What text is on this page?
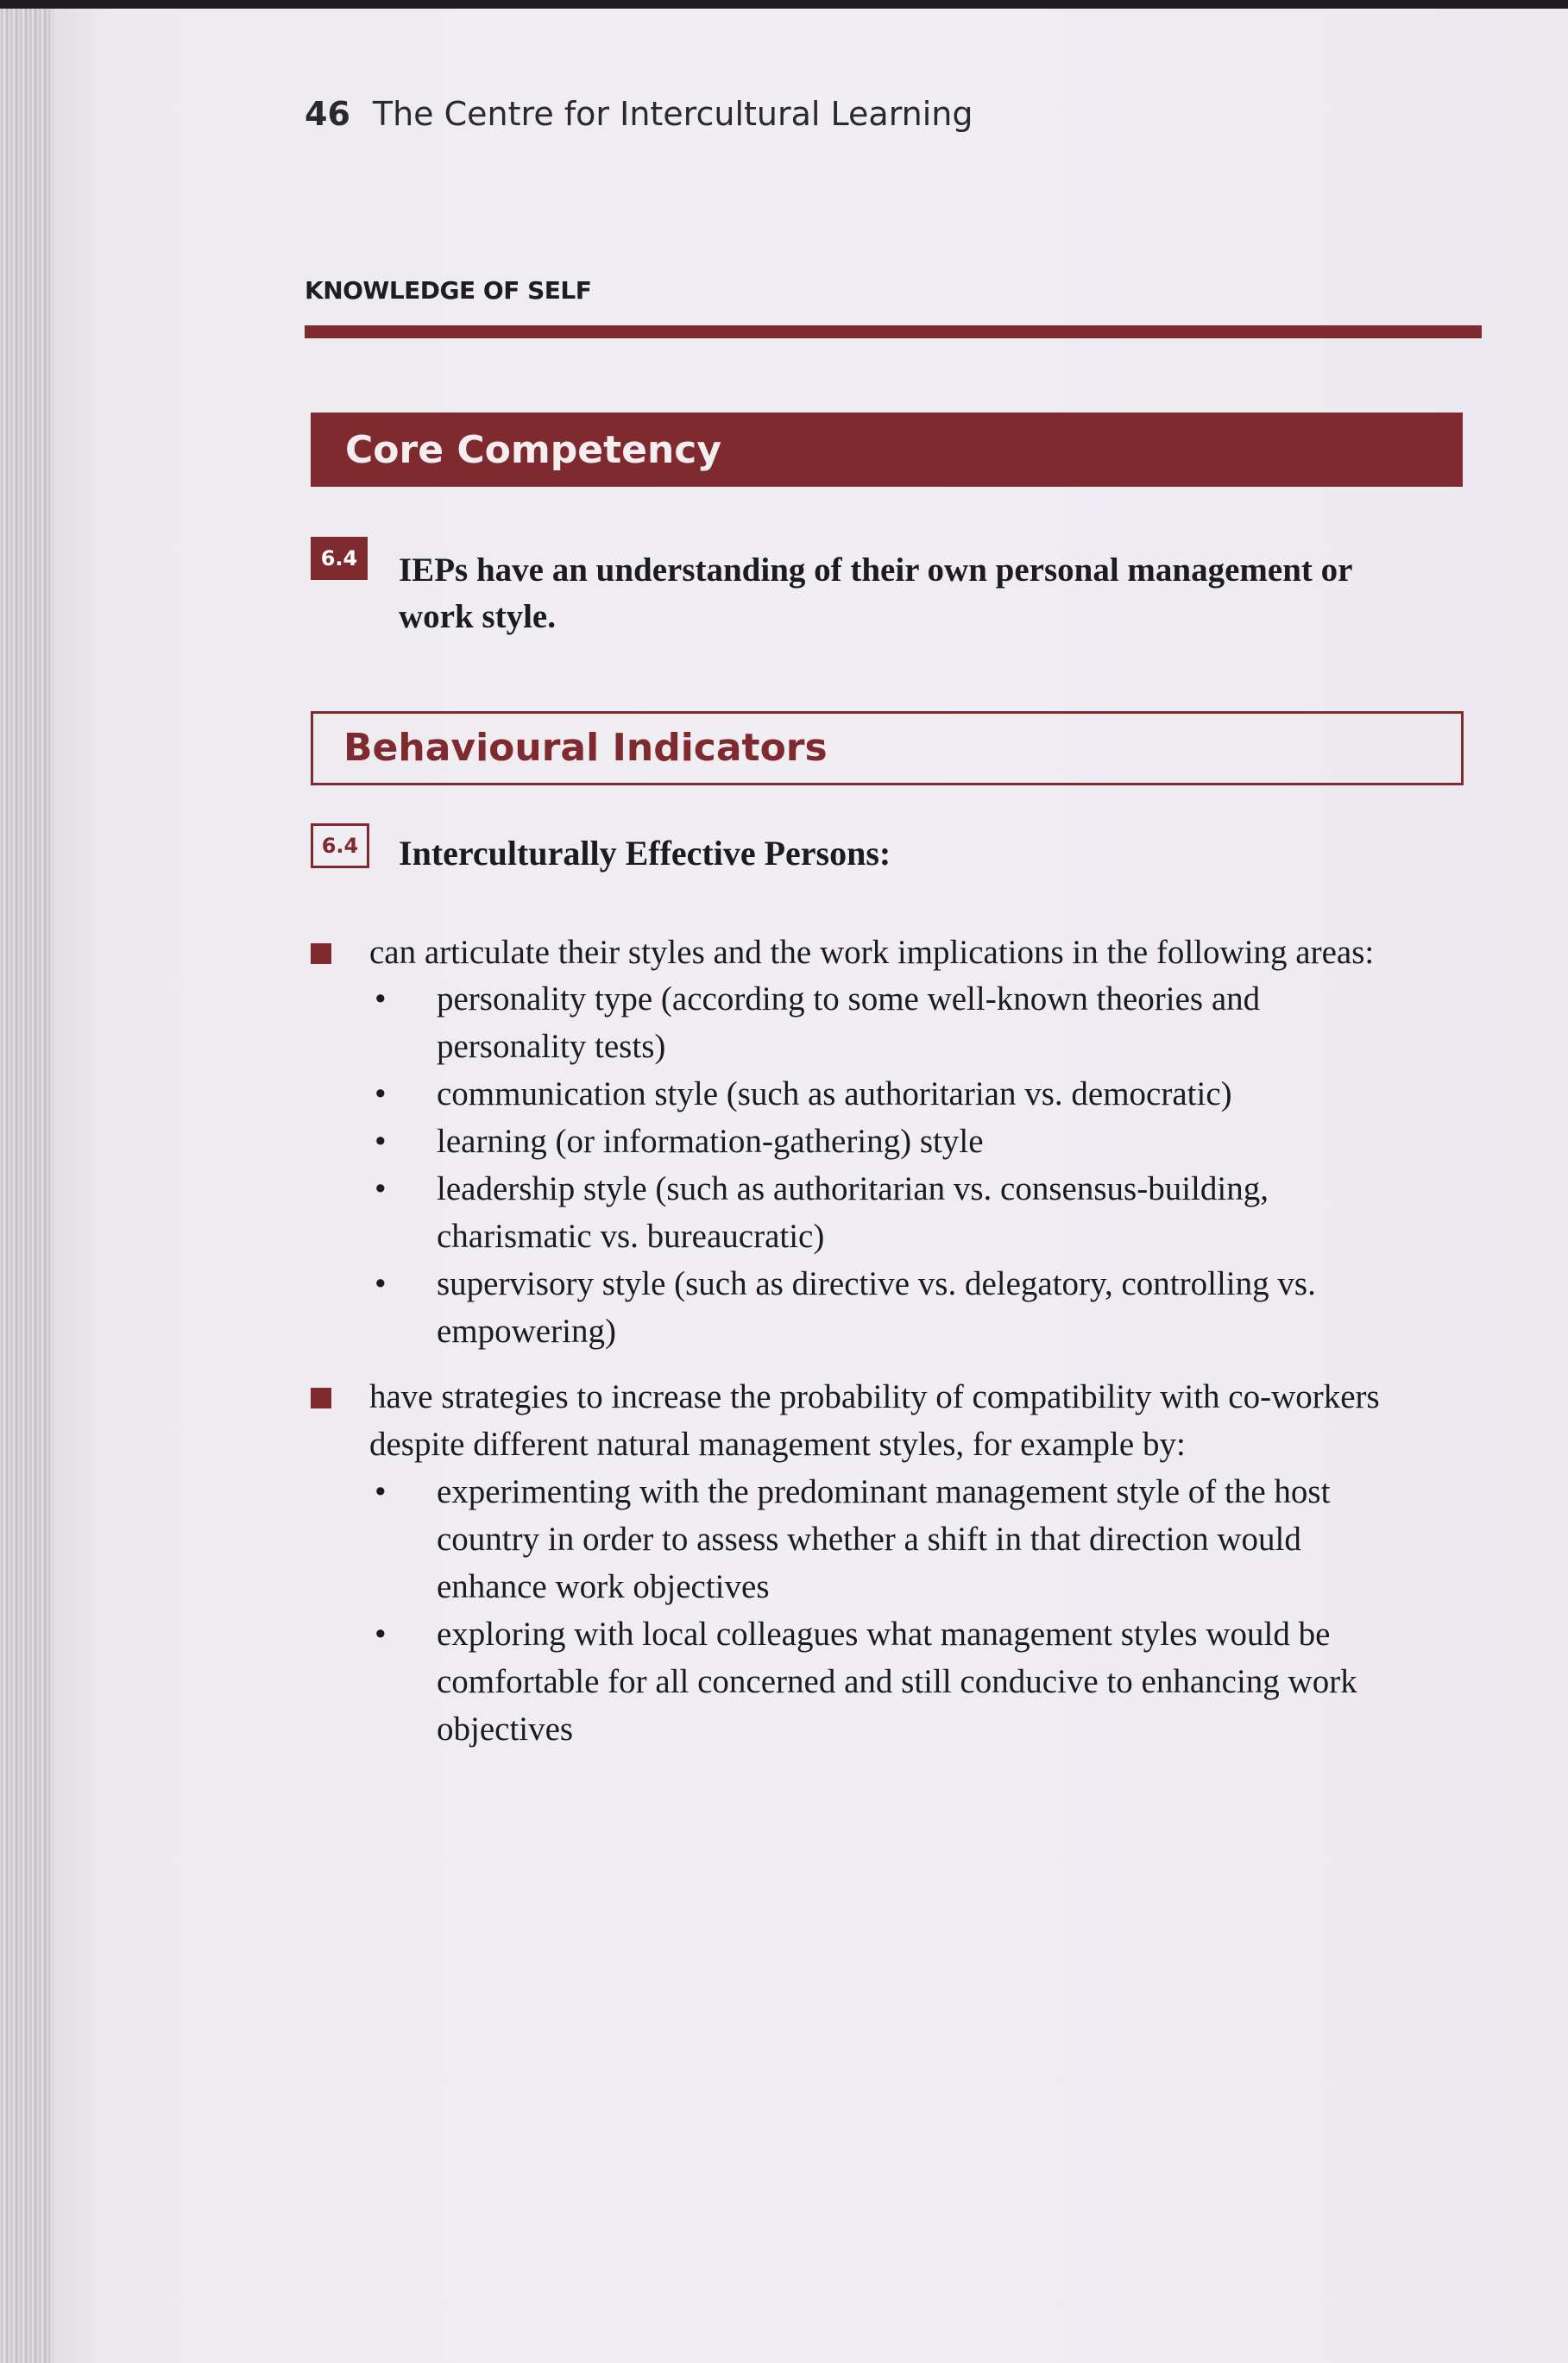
46 The Centre for Intercultural Learning
KNOWLEDGE OF SELF
Core Competency
6.4	IEPs have an understanding of their own personal management or work style.
Behavioural Indicators
6.4	Interculturally Effective Persons:
can articulate their styles and the work implications in the following areas:
• personality type (according to some well-known theories and personality tests)
• communication style (such as authoritarian vs. democratic)
• learning (or information-gathering) style
• leadership style (such as authoritarian vs. consensus-building, charismatic vs. bureaucratic)
• supervisory style (such as directive vs. delegatory, controlling vs. empowering)
have strategies to increase the probability of compatibility with co-workers despite different natural management styles, for example by:
• experimenting with the predominant management style of the host country in order to assess whether a shift in that direction would enhance work objectives
• exploring with local colleagues what management styles would be comfortable for all concerned and still conducive to enhancing work objectives
